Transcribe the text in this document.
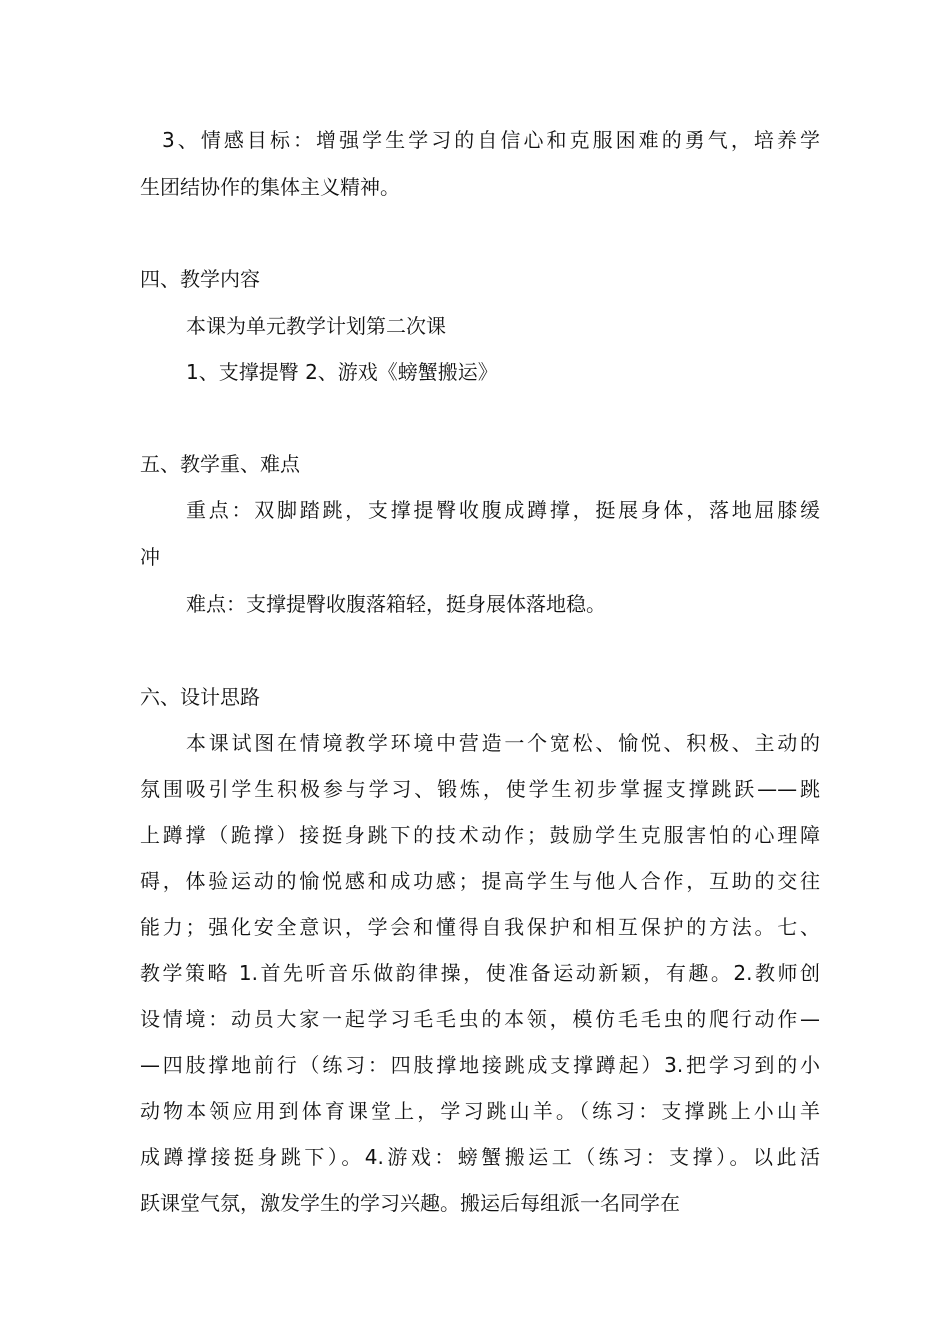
3、情感目标：增强学生学习的自信心和克服困难的勇气，培养学
生团结协作的集体主义精神。
四、教学内容
本课为单元教学计划第二次课
1、支撑提臀 2、游戏《螃蟹搬运》
五、教学重、难点
重点：双脚踏跳，支撑提臀收腹成蹲撑，挺展身体，落地屈膝缓
冲
难点：支撑提臀收腹落箱轻，挺身展体落地稳。
六、设计思路
本课试图在情境教学环境中营造一个宽松、愉悦、积极、主动的
氛围吸引学生积极参与学习、锻炼，使学生初步掌握支撑跳跃——跳
上蹲撑（跪撑）接挺身跳下的技术动作；鼓励学生克服害怕的心理障
碍，体验运动的愉悦感和成功感；提高学生与他人合作，互助的交往
能力；强化安全意识，学会和懂得自我保护和相互保护的方法。七、
教学策略 1.首先听音乐做韵律操，使准备运动新颖，有趣。2.教师创
设情境：动员大家一起学习毛毛虫的本领，模仿毛毛虫的爬行动作—
—四肢撑地前行（练习：四肢撑地接跳成支撑蹲起）3.把学习到的小
动物本领应用到体育课堂上，学习跳山羊。（练习：支撑跳上小山羊
成蹲撑接挺身跳下）。4.游戏：螃蟹搬运工（练习：支撑）。以此活
跃课堂气氛，激发学生的学习兴趣。搬运后每组派一名同学在
